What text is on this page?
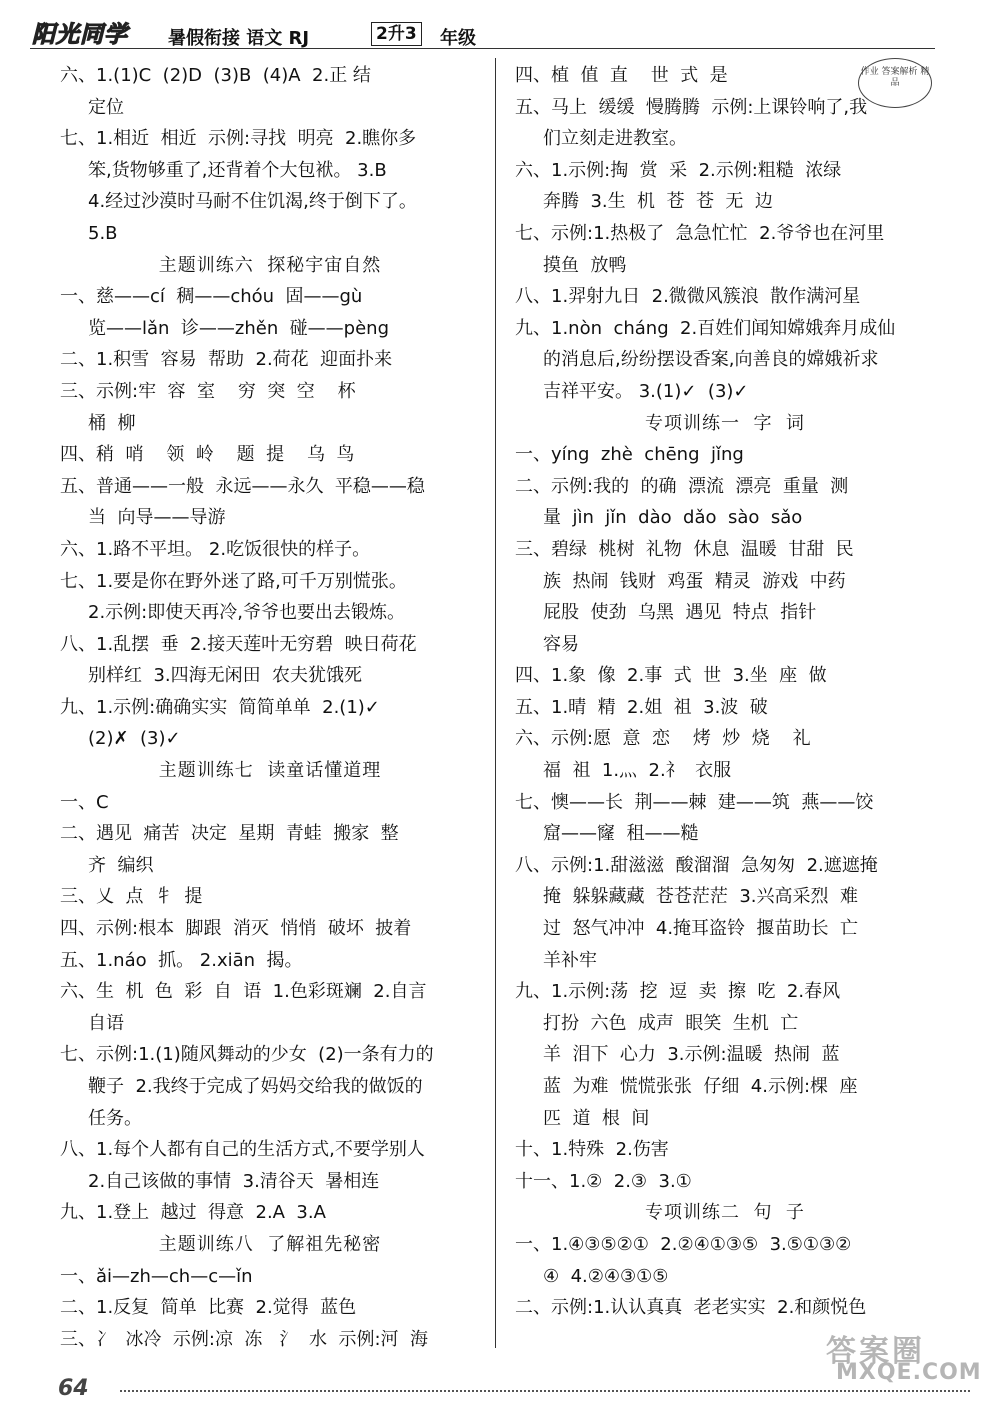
阳光同学 暑假衔接 语文 RJ	2升3 年级
作业 答案解析 精品
六、1.(1)C  (2)D  (3)B  (4)A  2.正 结
定位
七、1.相近  相近  示例:寻找  明亮  2.瞧你多
笨,货物够重了,还背着个大包袱。 3.B
4.经过沙漠时马耐不住饥渴,终于倒下了。
5.B
主题训练六  探秘宇宙自然
一、慈——cí  稠——chóu  固——gù
览——lǎn  诊——zhěn  碰——pèng
二、1.积雪  容易  帮助  2.荷花  迎面扑来
三、示例:牢  容  室    穷  突  空    杯
桶  柳
四、稍  哨    领  岭    题  提    乌  鸟
五、普通——一般  永远——永久  平稳——稳
当  向导——导游
六、1.路不平坦。 2.吃饭很快的样子。
七、1.要是你在野外迷了路,可千万别慌张。
2.示例:即使天再冷,爷爷也要出去锻炼。
八、1.乱摆  垂  2.接天莲叶无穷碧  映日荷花
别样红  3.四海无闲田  农夫犹饿死
九、1.示例:确确实实  简简单单  2.(1)✓
(2)✗  (3)✓
主题训练七  读童话懂道理
一、C
二、遇见  痛苦  决定  星期  青蛙  搬家  整
齐  编织
三、乂  点  牜  提
四、示例:根本  脚跟  消灭  悄悄  破坏  披着
五、1.náo  抓。 2.xiān  揭。
六、生  机  色  彩  自  语  1.色彩斑斓  2.自言
自语
七、示例:1.(1)随风舞动的少女  (2)一条有力的
鞭子  2.我终于完成了妈妈交给我的做饭的
任务。
八、1.每个人都有自己的生活方式,不要学别人
2.自己该做的事情  3.清谷天  暑相连
九、1.登上  越过  得意  2.A  3.A
主题训练八  了解祖先秘密
一、ǎi—zh—ch—c—ǐn
二、1.反复  简单  比赛  2.觉得  蓝色
三、冫  冰冷  示例:凉  冻   氵  水  示例:河  海
四、植  值  直    世  式  是
五、马上  缓缓  慢腾腾  示例:上课铃响了,我
们立刻走进教室。
六、1.示例:掏  赏  采  2.示例:粗糙  浓绿
奔腾  3.生  机  苍  苍  无  边
七、示例:1.热极了  急急忙忙  2.爷爷也在河里
摸鱼  放鸭
八、1.羿射九日  2.微微风簇浪  散作满河星
九、1.nòn  cháng  2.百姓们闻知嫦娥奔月成仙
的消息后,纷纷摆设香案,向善良的嫦娥祈求
吉祥平安。 3.(1)✓  (3)✓
专项训练一  字  词
一、yíng  zhè  chēng  jǐng
二、示例:我的  的确  漂流  漂亮  重量  测
量  jìn  jǐn  dào  dǎo  sào  sǎo
三、碧绿  桃树  礼物  休息  温暖  甘甜  民
族  热闹  钱财  鸡蛋  精灵  游戏  中药
屁股  使劲  乌黑  遇见  特点  指针
容易
四、1.象  像  2.事  式  世  3.坐  座  做
五、1.晴  精  2.姐  祖  3.波  破
六、示例:愿  意  恋    烤  炒  烧    礼
福  祖  1.灬  2.礻  衣服
七、懊——长  荆——棘  建——筑  燕——饺
窟——窿  租——糙
八、示例:1.甜滋滋  酸溜溜  急匆匆  2.遮遮掩
掩  躲躲藏藏  苍苍茫茫  3.兴高采烈  难
过  怒气冲冲  4.掩耳盗铃  揠苗助长  亡
羊补牢
九、1.示例:荡  挖  逗  卖  擦  吃  2.春风
打扮  六色  成声  眼笑  生机  亡
羊  泪下  心力  3.示例:温暖  热闹  蓝
蓝  为难  慌慌张张  仔细  4.示例:棵  座
匹  道  根  间
十、1.特殊  2.伤害
十一、1.②  2.③  3.①
专项训练二  句  子
一、1.④③⑤②①  2.②④①③⑤  3.⑤①③②
④  4.②④③①⑤
二、示例:1.认认真真  老老实实  2.和颜悦色
64
答案圈
MXQE.COM
